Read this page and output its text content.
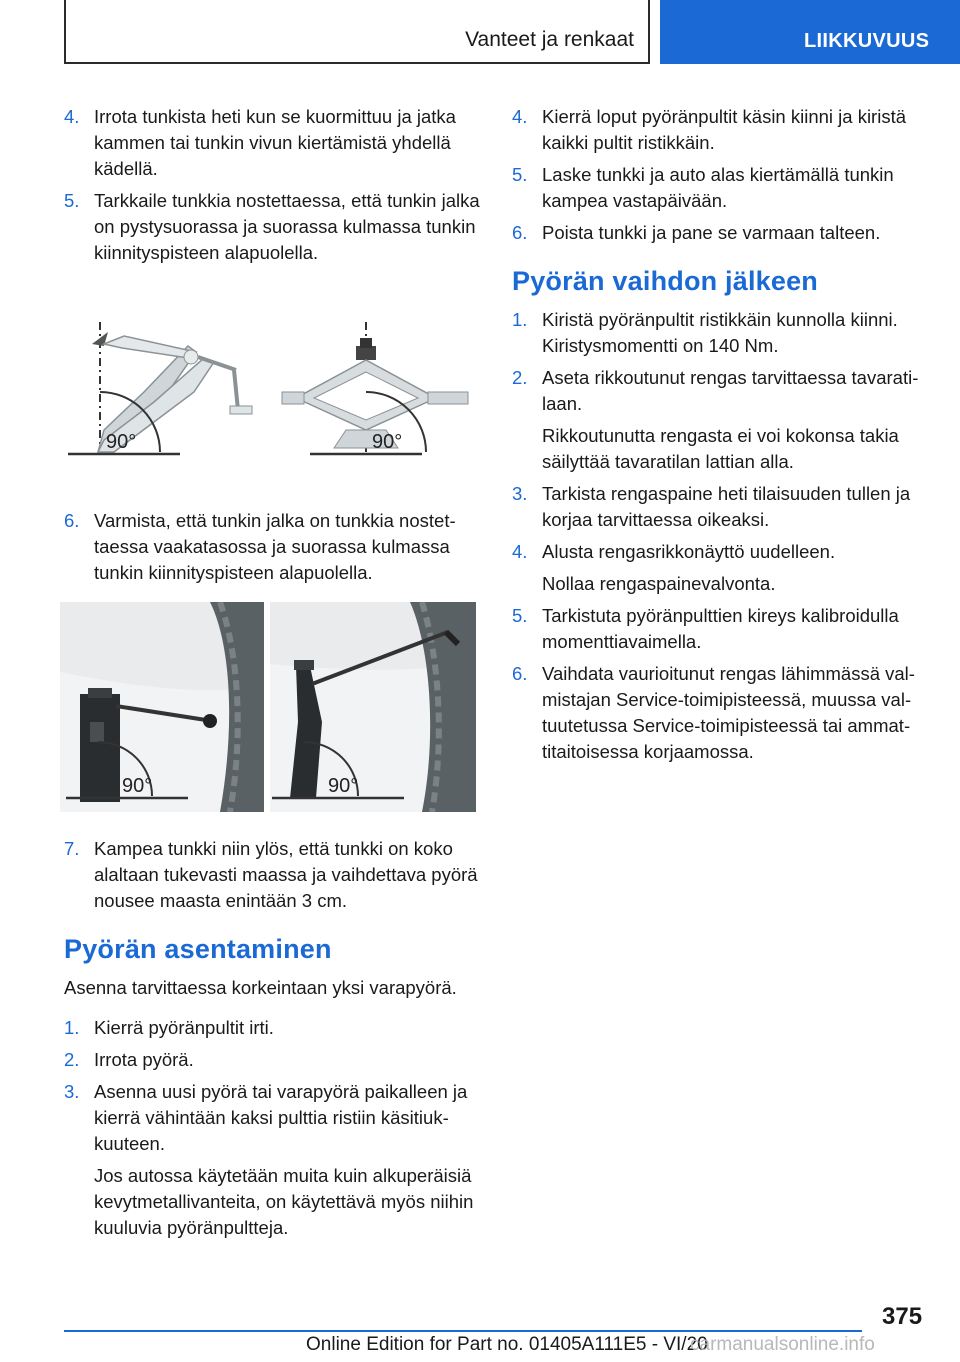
Vanteet ja renkaat	LIIKKUVUUS
4. Irrota tunkista heti kun se kuormittuu ja jatka kammen tai tunkin vivun kiertämistä yhdellä kädellä.
5. Tarkkaile tunkkia nostettaessa, että tunkin jalka on pystysuorassa ja suorassa kulmassa tunkin kiinnityspisteen alapuolella.
90°	90°
6. Varmista, että tunkin jalka on tunkkia nostettaessa vaakatasossa ja suorassa kulmassa tunkin kiinnityspisteen alapuolella.
90°	90°
7. Kampea tunkki niin ylös, että tunkki on koko alaltaan tukevasti maassa ja vaihdettava pyörä nousee maasta enintään 3 cm.
Pyörän asentaminen
Asenna tarvittaessa korkeintaan yksi varapyörä.
1. Kierrä pyöränpultit irti.
2. Irrota pyörä.
3. Asenna uusi pyörä tai varapyörä paikalleen ja kierrä vähintään kaksi pulttia ristiin käsitiukkuuteen.
Jos autossa käytetään muita kuin alkuperäisiä kevytmetallivanteita, on käytettävä myös niihin kuuluvia pyöränpultteja.
4. Kierrä loput pyöränpultit käsin kiinni ja kiristä kaikki pultit ristikkäin.
5. Laske tunkki ja auto alas kiertämällä tunkin kampea vastapäivään.
6. Poista tunkki ja pane se varmaan talteen.
Pyörän vaihdon jälkeen
1. Kiristä pyöränpultit ristikkäin kunnolla kiinni. Kiristysmomentti on 140 Nm.
2. Aseta rikkoutunut rengas tarvittaessa tavaratilaan.
Rikkoutunutta rengasta ei voi kokonsa takia säilyttää tavaratilan lattian alla.
3. Tarkista rengaspaine heti tilaisuuden tullen ja korjaa tarvittaessa oikeaksi.
4. Alusta rengasrikkonäyttö uudelleen.
Nollaa rengaspainevalvonta.
5. Tarkistuta pyöränpulttien kireys kalibroidulla momenttiavaimella.
6. Vaihdata vaurioitunut rengas lähimmässä valmistajan Service-toimipisteessä, muussa valtuutetussa Service-toimipisteessä tai ammattitaitoisessa korjaamossa.
375
Online Edition for Part no. 01405A111E5 - VI/20
carmanualsonline.info
